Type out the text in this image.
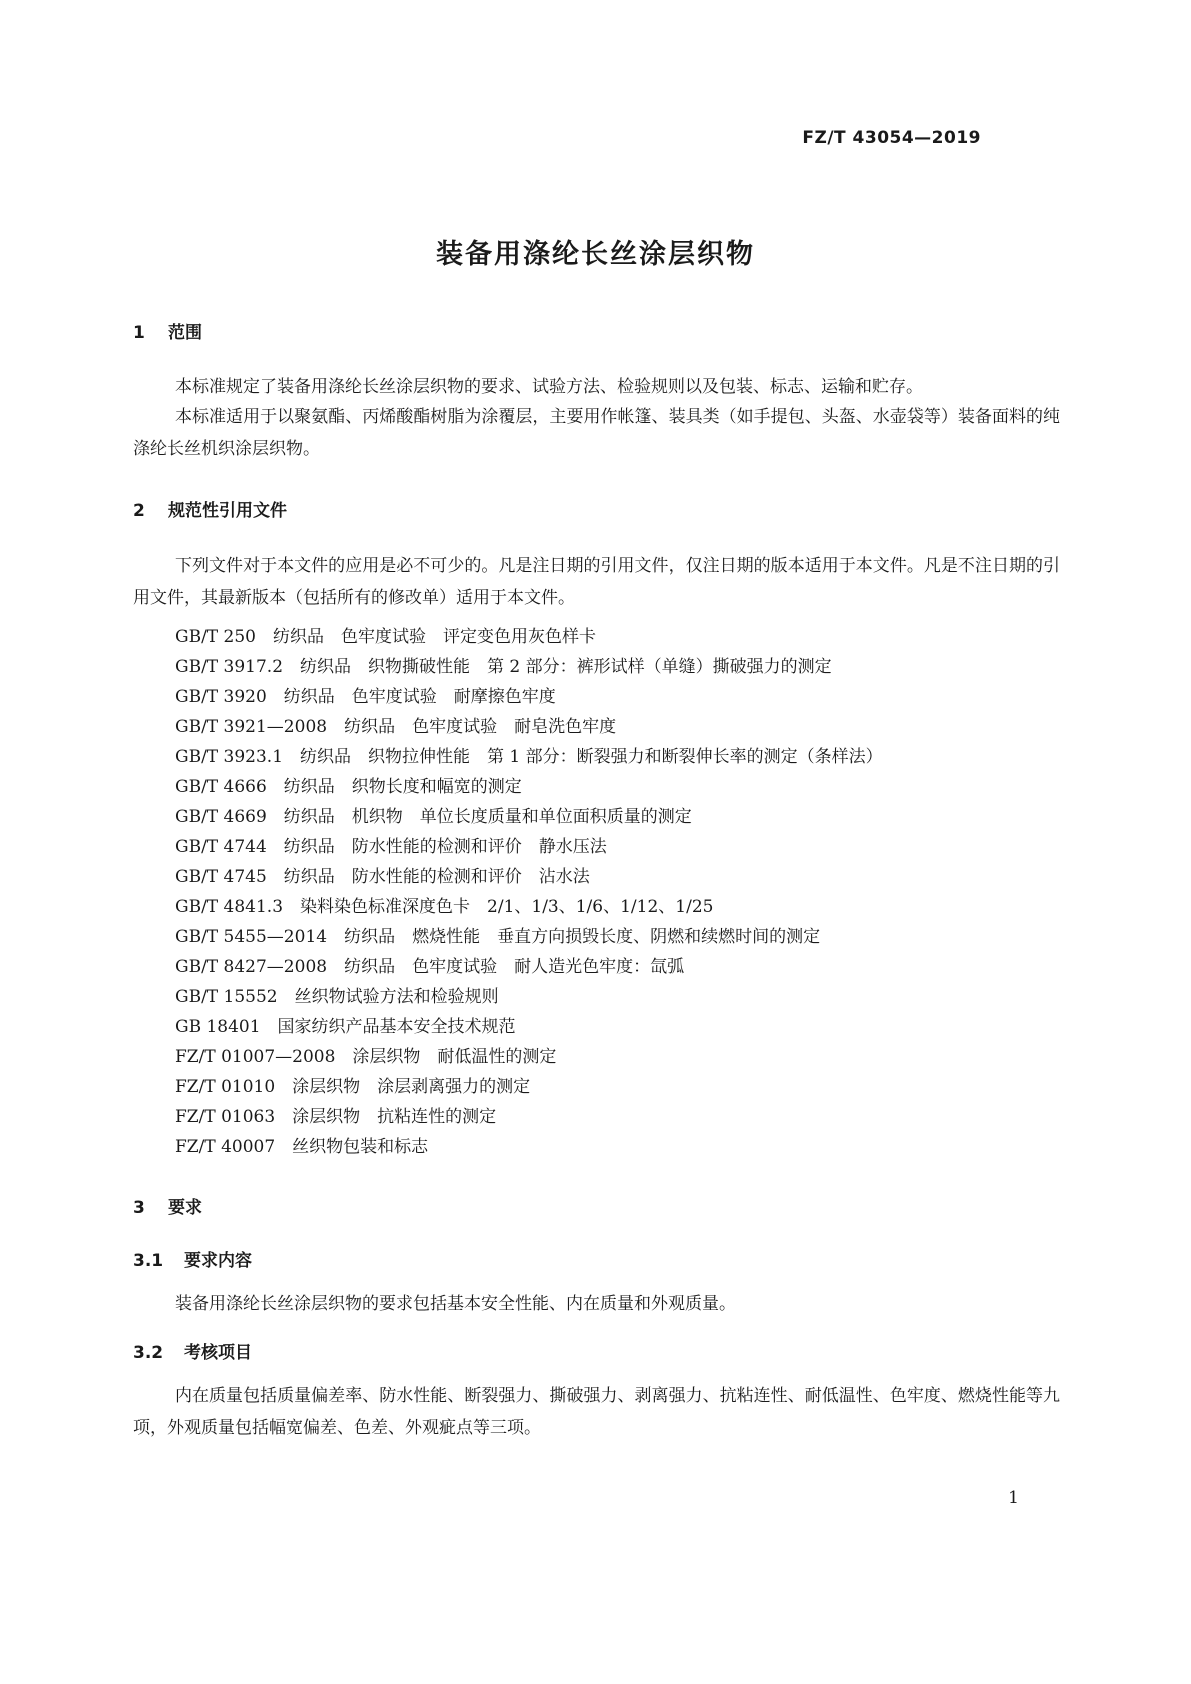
FZ/T 43054—2019
装备用涤纶长丝涂层织物
1 范围

本标准规定了装备用涤纶长丝涂层织物的要求、试验方法、检验规则以及包装、标志、运输和贮存。

本标准适用于以聚氨酯、丙烯酸酯树脂为涂覆层，主要用作帐篷、装具类（如手提包、头盔、水壶袋等）装备面料的纯涤纶长丝机织涂层织物。

2 规范性引用文件

下列文件对于本文件的应用是必不可少的。凡是注日期的引用文件，仅注日期的版本适用于本文件。凡是不注日期的引用文件，其最新版本（包括所有的修改单）适用于本文件。

GB/T 250　纺织品　色牢度试验　评定变色用灰色样卡
GB/T 3917.2　纺织品　织物撕破性能　第 2 部分：裤形试样（单缝）撕破强力的测定
GB/T 3920　纺织品　色牢度试验　耐摩擦色牢度
GB/T 3921—2008　纺织品　色牢度试验　耐皂洗色牢度
GB/T 3923.1　纺织品　织物拉伸性能　第 1 部分：断裂强力和断裂伸长率的测定（条样法）
GB/T 4666　纺织品　织物长度和幅宽的测定
GB/T 4669　纺织品　机织物　单位长度质量和单位面积质量的测定
GB/T 4744　纺织品　防水性能的检测和评价　静水压法
GB/T 4745　纺织品　防水性能的检测和评价　沾水法
GB/T 4841.3　染料染色标准深度色卡　2/1、1/3、1/6、1/12、1/25
GB/T 5455—2014　纺织品　燃烧性能　垂直方向损毁长度、阴燃和续燃时间的测定
GB/T 8427—2008　纺织品　色牢度试验　耐人造光色牢度：氙弧
GB/T 15552　丝织物试验方法和检验规则
GB 18401　国家纺织产品基本安全技术规范
FZ/T 01007—2008　涂层织物　耐低温性的测定
FZ/T 01010　涂层织物　涂层剥离强力的测定
FZ/T 01063　涂层织物　抗粘连性的测定
FZ/T 40007　丝织物包装和标志
3 要求
3.1 要求内容

装备用涤纶长丝涂层织物的要求包括基本安全性能、内在质量和外观质量。

3.2 考核项目

内在质量包括质量偏差率、防水性能、断裂强力、撕破强力、剥离强力、抗粘连性、耐低温性、色牢度、燃烧性能等九项，外观质量包括幅宽偏差、色差、外观疵点等三项。

1
